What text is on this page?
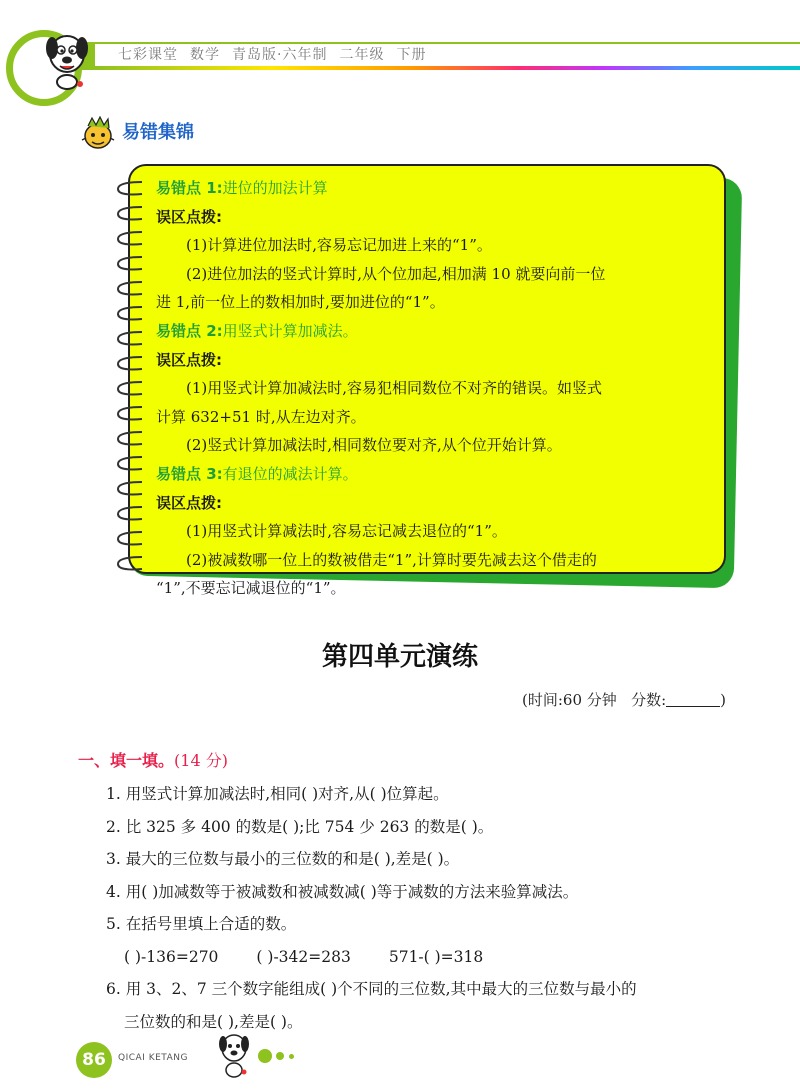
七彩课堂 数学 青岛版·六年制 二年级 下册
易错集锦

易错点 1:进位的加法计算

误区点拨:

(1)计算进位加法时,容易忘记加进上来的“1”。

(2)进位加法的竖式计算时,从个位加起,相加满 10 就要向前一位

进 1,前一位上的数相加时,要加进位的“1”。

易错点 2:用竖式计算加减法。

误区点拨:

(1)用竖式计算加减法时,容易犯相同数位不对齐的错误。如竖式

计算 632+51 时,从左边对齐。

(2)竖式计算加减法时,相同数位要对齐,从个位开始计算。

易错点 3:有退位的减法计算。

误区点拨:

(1)用竖式计算减法时,容易忘记减去退位的“1”。

(2)被减数哪一位上的数被借走“1”,计算时要先减去这个借走的

“1”,不要忘记减退位的“1”。

第四单元演练
(时间:60 分钟 分数:	)
一、填一填。(14 分)

1. 用竖式计算加减法时,相同( )对齐,从( )位算起。

2. 比 325 多 400 的数是( );比 754 少 263 的数是( )。

3. 最大的三位数与最小的三位数的和是( ),差是( )。

4. 用( )加减数等于被减数和被减数减( )等于减数的方法来验算减法。

5. 在括号里填上合适的数。

( )-136=270 ( )-342=283 571-( )=318

6. 用 3、2、7 三个数字能组成( )个不同的三位数,其中最大的三位数与最小的

三位数的和是( ),差是( )。

86	QICAI KETANG
